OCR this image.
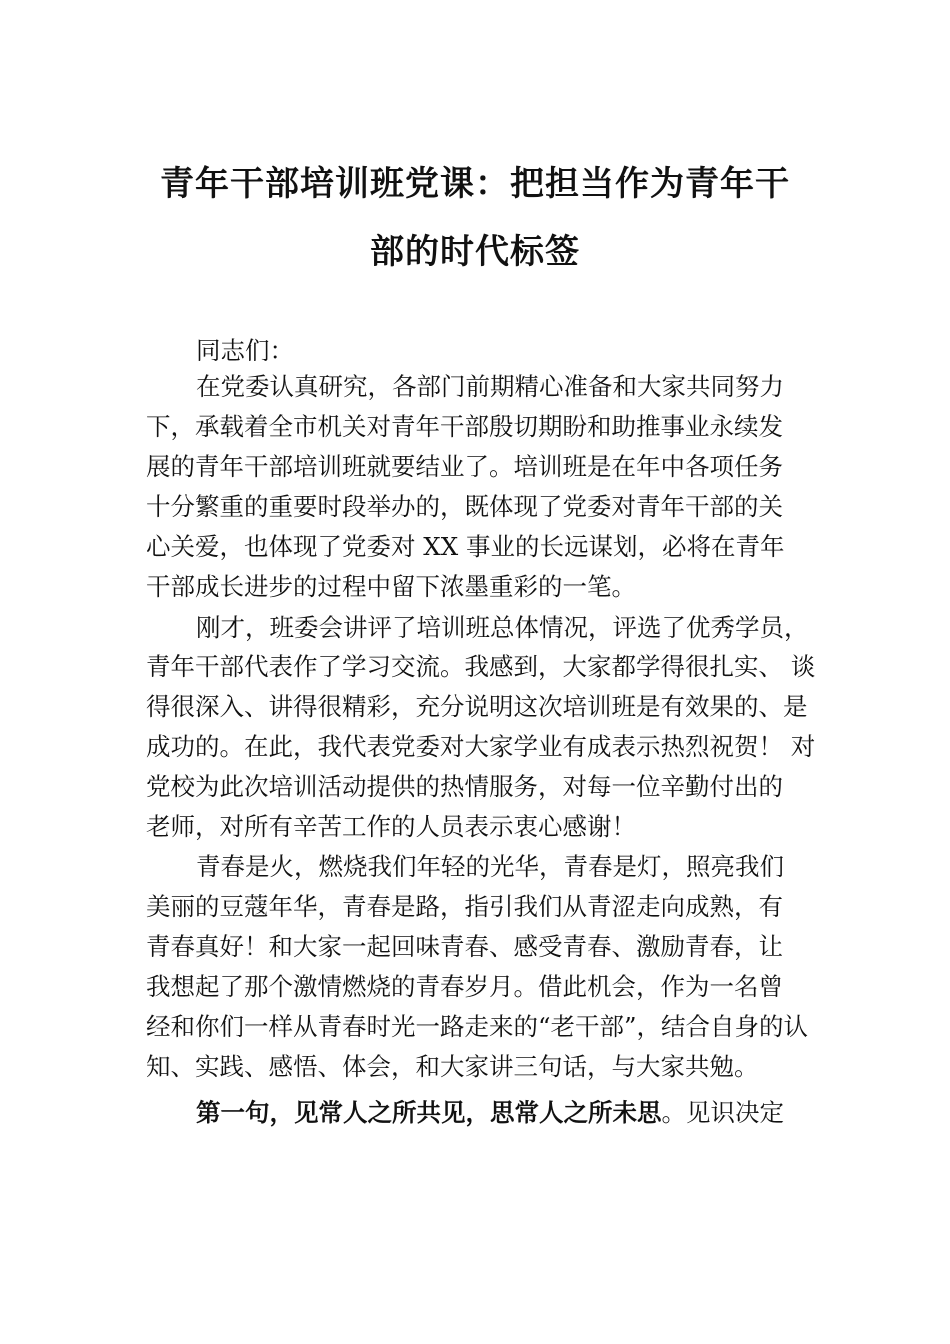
青年干部培训班党课：把担当作为青年干
部的时代标签

同志们：

在党委认真研究，各部门前期精心准备和大家共同努力

下，承载着全市机关对青年干部殷切期盼和助推事业永续发

展的青年干部培训班就要结业了。培训班是在年中各项任务

十分繁重的重要时段举办的，既体现了党委对青年干部的关

心关爱，也体现了党委对 XX 事业的长远谋划，必将在青年

干部成长进步的过程中留下浓墨重彩的一笔。

刚才，班委会讲评了培训班总体情况，评选了优秀学员，

青年干部代表作了学习交流。我感到，大家都学得很扎实、 谈

得很深入、讲得很精彩，充分说明这次培训班是有效果的、是

成功的。在此，我代表党委对大家学业有成表示热烈祝贺！ 对

党校为此次培训活动提供的热情服务，对每一位辛勤付出的

老师，对所有辛苦工作的人员表示衷心感谢！

青春是火，燃烧我们年轻的光华，青春是灯，照亮我们

美丽的豆蔻年华，青春是路，指引我们从青涩走向成熟，有

青春真好！和大家一起回味青春、感受青春、激励青春，让

我想起了那个激情燃烧的青春岁月。借此机会，作为一名曾

经和你们一样从青春时光一路走来的“老干部”，结合自身的认

知、实践、感悟、体会，和大家讲三句话，与大家共勉。

第一句，见常人之所共见，思常人之所未思。见识决定
